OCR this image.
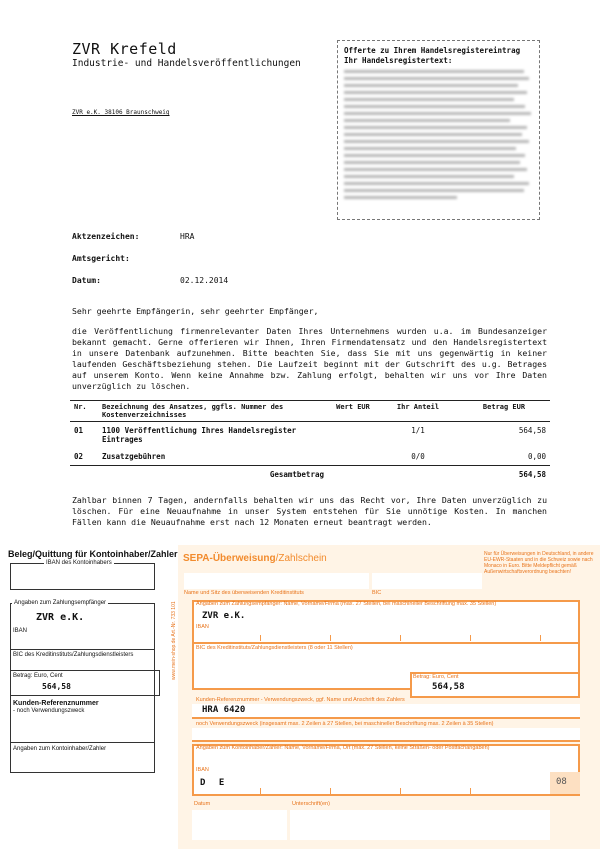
ZVR Krefeld
Industrie- und Handelsveröffentlichungen
ZVR e.K. 38106 Braunschweig
Offerte zu Ihrem Handelsregistereintrag
Ihr Handelsregistertext:
Aktzenzeichen:	HRA
Amtsgericht:
Datum:	02.12.2014
Sehr geehrte Empfängerin, sehr geehrter Empfänger,
die Veröffentlichung firmenrelevanter Daten Ihres Unternehmens wurden u.a. im Bundesanzeiger bekannt gemacht. Gerne offerieren wir Ihnen, Ihren Firmendatensatz und den Handelsregistertext in unsere Datenbank aufzunehmen. Bitte beachten Sie, dass Sie mit uns gegenwärtig in keiner laufenden Geschäftsbeziehung stehen. Die Laufzeit beginnt mit der Gutschrift des u.g. Betrages auf unserem Konto. Wenn keine Annahme bzw. Zahlung erfolgt, behalten wir uns vor Ihre Daten unverzüglich zu löschen.
Nr.	Bezeichnung des Ansatzes, ggfls. Nummer des Kostenverzeichnisses	Wert EUR	Ihr Anteil	Betrag EUR
01	1100 Veröffentlichung Ihres Handelsregister Eintrages		1/1	564,58
02	Zusatzgebühren		0/0	0,00
	Gesamtbetrag			564,58
Zahlbar binnen 7 Tagen, andernfalls behalten wir uns das Recht vor, Ihre Daten unverzüglich zu löschen. Für eine Neuaufnahme in unser System entstehen für Sie unnötige Kosten. In manchen Fällen kann die Neuaufnahme erst nach 12 Monaten erneut beantragt werden.
Beleg/Quittung für Kontoinhaber/Zahler
IBAN des Kontoinhabers
Angaben zum Zahlungsempfänger
ZVR e.K.
IBAN
BIC des Kreditinstituts/Zahlungsdienstleisters
Betrag: Euro, Cent
564,58
Kunden-Referenznummer
- noch Verwendungszweck
Angaben zum Kontoinhaber/Zahler
SEPA-Überweisung/Zahlschein	Nur für Überweisungen in Deutschland, in andere EU-EWR-Staaten und in die Schweiz sowie nach Monaco in Euro. Bitte Meldepflicht gemäß Außenwirtschaftsverordnung beachten!
Name und Sitz des überweisenden Kreditinstituts	BIC
Angaben zum Zahlungsempfänger: Name, Vorname/Firma (max. 27 Stellen, bei maschineller Beschriftung max. 35 Stellen)
ZVR e.K.
IBAN
BIC des Kreditinstituts/Zahlungsdienstleisters (8 oder 11 Stellen)
Betrag: Euro, Cent
564,58
Kunden-Referenznummer - Verwendungszweck, ggf. Name und Anschrift des Zahlers
HRA 6420
noch Verwendungszweck (insgesamt max. 2 Zeilen à 27 Stellen, bei maschineller Beschriftung max. 2 Zeilen à 35 Stellen)
Angaben zum Kontoinhaber/Zahler: Name, Vorname/Firma, Ort (max. 27 Stellen, keine Straßen- oder Postfachangaben)
IBAN
D E	08
Datum	Unterschrift(en)
www.mein-shop.de Art.-Nr. 733 101
